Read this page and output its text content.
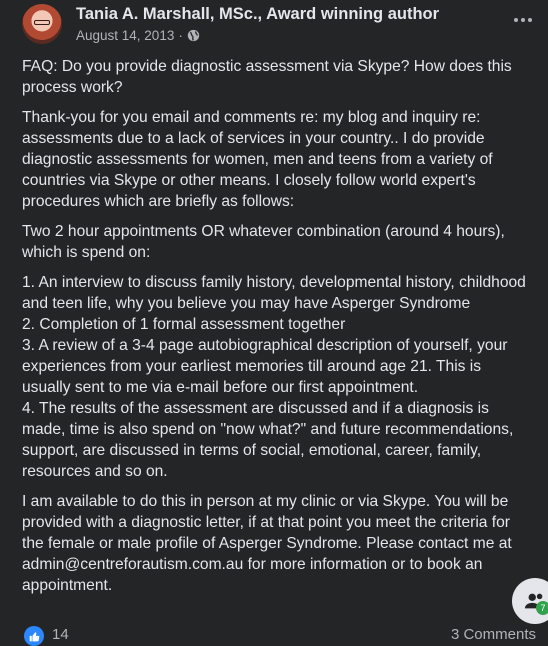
Tania A. Marshall, MSc., Award winning author
August 14, 2013 ·

FAQ: Do you provide diagnostic assessment via Skype? How does this process work?

Thank-you for you email and comments re: my blog and inquiry re: assessments due to a lack of services in your country.. I do provide diagnostic assessments for women, men and teens from a variety of countries via Skype or other means. I closely follow world expert's procedures which are briefly as follows:

Two 2 hour appointments OR whatever combination (around 4 hours), which is spend on:

1. An interview to discuss family history, developmental history, childhood and teen life, why you believe you may have Asperger Syndrome
2. Completion of 1 formal assessment together
3. A review of a 3-4 page autobiographical description of yourself, your experiences from your earliest memories till around age 21. This is usually sent to me via e-mail before our first appointment.
4. The results of the assessment are discussed and if a diagnosis is made, time is also spend on "now what?" and future recommendations, support, are discussed in terms of social, emotional, career, family, resources and so on.

I am available to do this in person at my clinic or via Skype. You will be provided with a diagnostic letter, if at that point you meet the criteria for the female or male profile of Asperger Syndrome. Please contact me at admin@centreforautism.com.au for more information or to book an appointment.

14	3 Comments
7
